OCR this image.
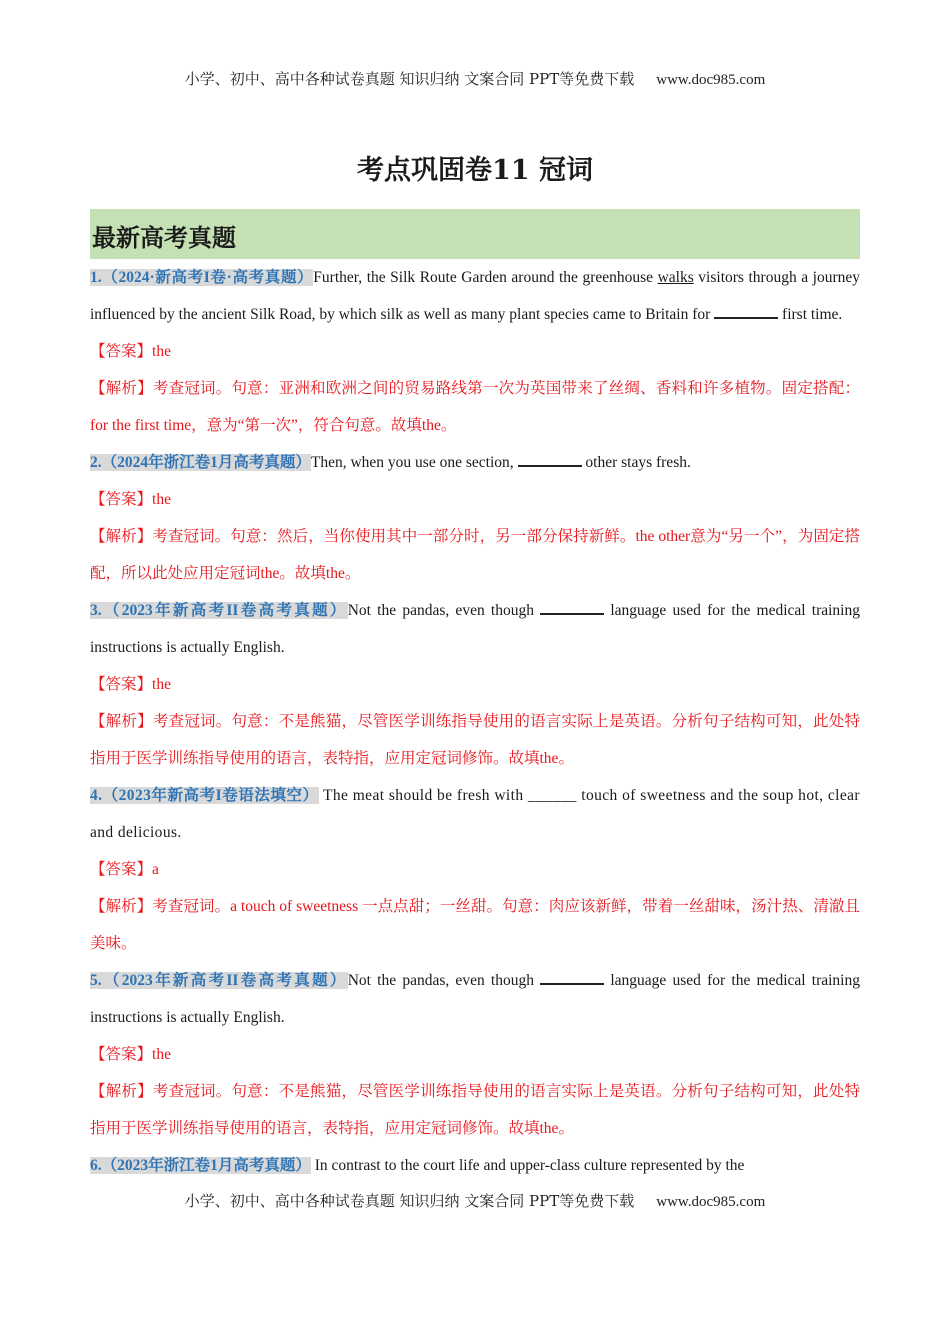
小学、初中、高中各种试卷真题 知识归纳 文案合同 PPT等免费下载 www.doc985.com
考点巩固卷11 冠词
最新高考真题

1.（2024·新高考I卷·高考真题）Further, the Silk Route Garden around the greenhouse walks visitors through a journey influenced by the ancient Silk Road, by which silk as well as many plant species came to Britain for	first time.

【答案】the

【解析】考查冠词。句意：亚洲和欧洲之间的贸易路线第一次为英国带来了丝绸、香料和许多植物。固定搭配：for the first time，意为“第一次”，符合句意。故填the。

2.（2024年浙江卷1月高考真题）Then, when you use one section,	other stays fresh.

【答案】the

【解析】考查冠词。句意：然后，当你使用其中一部分时，另一部分保持新鲜。the other意为“另一个”，为固定搭配，所以此处应用定冠词the。故填the。

3.（2023年新高考II卷高考真题）Not the pandas, even though	language used for the medical training instructions is actually English.

【答案】the

【解析】考查冠词。句意：不是熊猫，尽管医学训练指导使用的语言实际上是英语。分析句子结构可知，此处特指用于医学训练指导使用的语言，表特指，应用定冠词修饰。故填the。

4.（2023年新高考I卷语法填空） The meat should be fresh with ______ touch of sweetness and the soup hot, clear and delicious.

【答案】a

【解析】考查冠词。a touch of sweetness 一点点甜；一丝甜。句意：肉应该新鲜，带着一丝甜味，汤汁热、清澈且美味。

5.（2023年新高考II卷高考真题）Not the pandas, even though	language used for the medical training instructions is actually English.

【答案】the

【解析】考查冠词。句意：不是熊猫，尽管医学训练指导使用的语言实际上是英语。分析句子结构可知，此处特指用于医学训练指导使用的语言，表特指，应用定冠词修饰。故填the。

6.（2023年浙江卷1月高考真题） In contrast to the court life and upper-class culture represented by the

小学、初中、高中各种试卷真题 知识归纳 文案合同 PPT等免费下载 www.doc985.com
